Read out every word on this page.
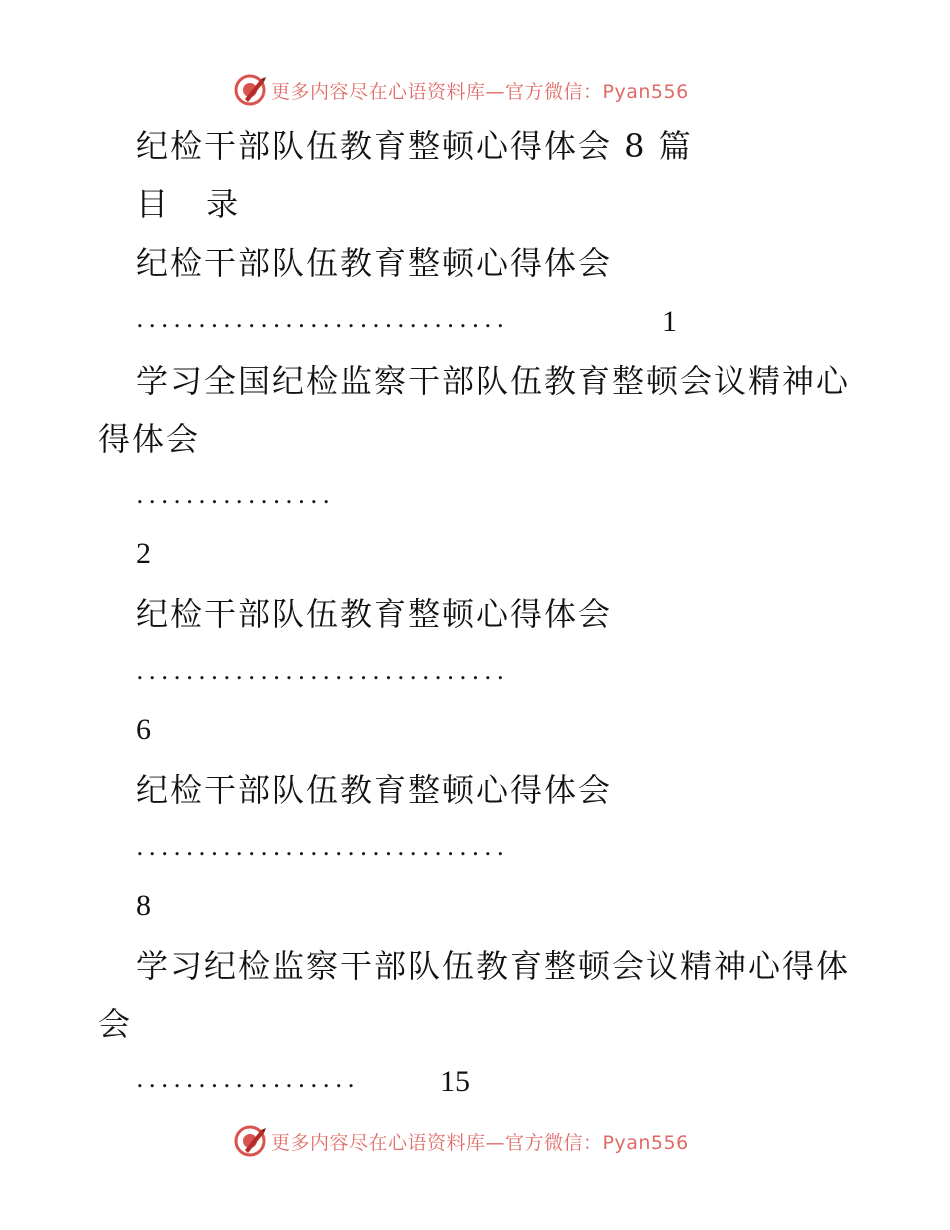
更多内容尽在心语资料库—官方微信：Pyan556
纪检干部队伍教育整顿心得体会 8 篇
目 录
纪检干部队伍教育整顿心得体会
..............................	1
学习全国纪检监察干部队伍教育整顿会议精神心
得体会
................
2
纪检干部队伍教育整顿心得体会
..............................
6
纪检干部队伍教育整顿心得体会
..............................
8
学习纪检监察干部队伍教育整顿会议精神心得体
会
..................	15
更多内容尽在心语资料库—官方微信：Pyan556
